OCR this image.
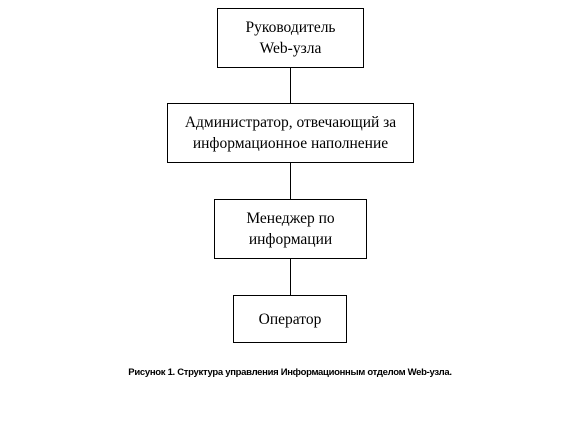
Руководитель
Web-узла
Администратор, отвечающий за
информационное наполнение
Менеджер по
информации
Оператор
Рисунок 1. Структура управления Информационным отделом Web-узла.
